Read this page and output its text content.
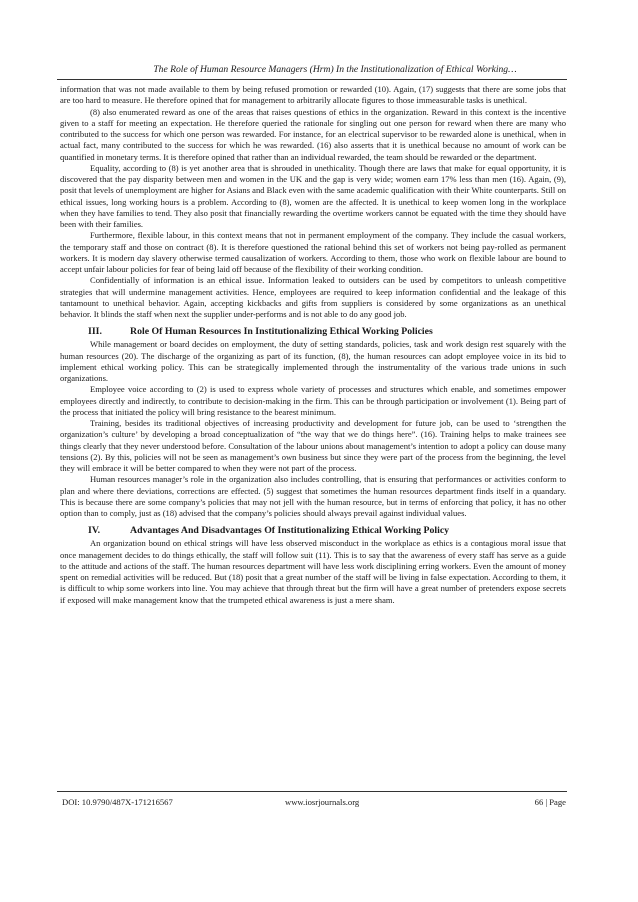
The Role of Human Resource Managers (Hrm) In the Institutionalization of Ethical Working…

information that was not made available to them by being refused promotion or rewarded (10). Again, (17) suggests that there are some jobs that are too hard to measure. He therefore opined that for management to arbitrarily allocate figures to those immeasurable tasks is unethical.

(8) also enumerated reward as one of the areas that raises questions of ethics in the organization. Reward in this context is the incentive given to a staff for meeting an expectation. He therefore queried the rationale for singling out one person for reward when there are many who contributed to the success for which one person was rewarded. For instance, for an electrical supervisor to be rewarded alone is unethical, when in actual fact, many contributed to the success for which he was rewarded. (16) also asserts that it is unethical because no amount of work can be quantified in monetary terms. It is therefore opined that rather than an individual rewarded, the team should be rewarded or the department.

Equality, according to (8) is yet another area that is shrouded in unethicality. Though there are laws that make for equal opportunity, it is discovered that the pay disparity between men and women in the UK and the gap is very wide; women earn 17% less than men (16). Again, (9), posit that levels of unemployment are higher for Asians and Black even with the same academic qualification with their White counterparts. Still on ethical issues, long working hours is a problem. According to (8), women are the affected. It is unethical to keep women long in the workplace when they have families to tend. They also posit that financially rewarding the overtime workers cannot be equated with the time they should have been with their families.

Furthermore, flexible labour, in this context means that not in permanent employment of the company. They include the casual workers, the temporary staff and those on contract (8). It is therefore questioned the rational behind this set of workers not being pay-rolled as permanent workers. It is modern day slavery otherwise termed causalization of workers. According to them, those who work on flexible labour are bound to accept unfair labour policies for fear of being laid off because of the flexibility of their working condition.

Confidentially of information is an ethical issue. Information leaked to outsiders can be used by competitors to unleash competitive strategies that will undermine management activities. Hence, employees are required to keep information confidential and the leakage of this tantamount to unethical behavior. Again, accepting kickbacks and gifts from suppliers is considered by some organizations as an unethical behavior. It blinds the staff when next the supplier under-performs and is not able to do any good job.

III.	Role Of Human Resources In Institutionalizing Ethical Working Policies

While management or board decides on employment, the duty of setting standards, policies, task and work design rest squarely with the human resources (20). The discharge of the organizing as part of its function, (8), the human resources can adopt employee voice in its bid to implement ethical working policy. This can be strategically implemented through the instrumentality of the various trade unions in such organizations.

Employee voice according to (2) is used to express whole variety of processes and structures which enable, and sometimes empower employees directly and indirectly, to contribute to decision-making in the firm. This can be through participation or involvement (1). Being part of the process that initiated the policy will bring resistance to the bearest minimum.

Training, besides its traditional objectives of increasing productivity and development for future job, can be used to ‘strengthen the organization’s culture’ by developing a broad conceptualization of “the way that we do things here”. (16). Training helps to make trainees see things clearly that they never understood before. Consultation of the labour unions about management’s intention to adopt a policy can douse many tensions (2). By this, policies will not be seen as management’s own business but since they were part of the process from the beginning, the level they will embrace it will be better compared to when they were not part of the process.

Human resources manager’s role in the organization also includes controlling, that is ensuring that performances or activities conform to plan and where there deviations, corrections are effected. (5) suggest that sometimes the human resources department finds itself in a quandary. This is because there are some company’s policies that may not jell with the human resource, but in terms of enforcing that policy, it has no other option than to comply, just as (18) advised that the company’s policies should always prevail against individual values.

IV.	Advantages And Disadvantages Of Institutionalizing Ethical Working Policy

An organization bound on ethical strings will have less observed misconduct in the workplace as ethics is a contagious moral issue that once management decides to do things ethically, the staff will follow suit (11). This is to say that the awareness of every staff has serve as a guide to the attitude and actions of the staff. The human resources department will have less work disciplining erring workers. Even the amount of money spent on remedial activities will be reduced. But (18) posit that a great number of the staff will be living in false expectation. According to them, it is difficult to whip some workers into line. You may achieve that through threat but the firm will have a great number of pretenders expose secrets if exposed will make management know that the trumpeted ethical awareness is just a mere sham.

DOI: 10.9790/487X-171216567	www.iosrjournals.org	66 | Page
